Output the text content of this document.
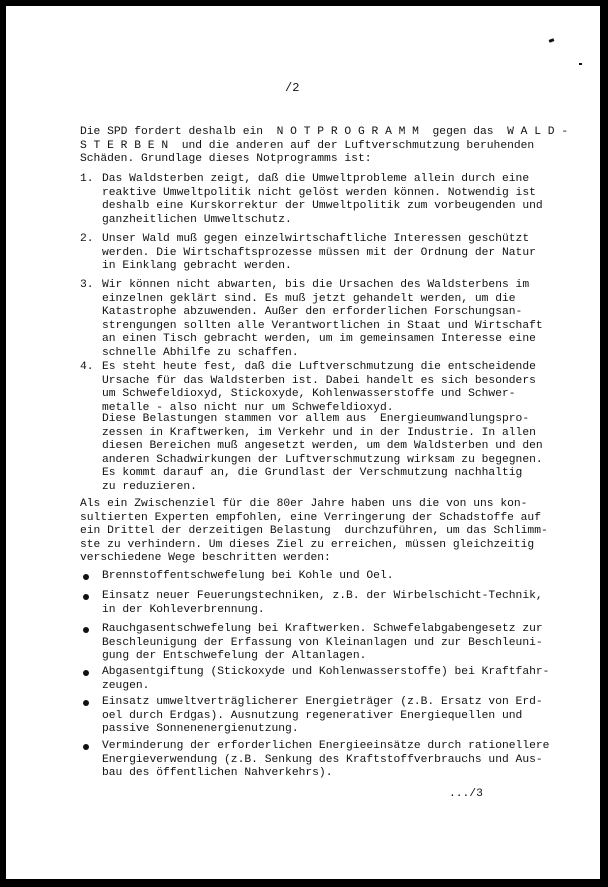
/2
Die SPD fordert deshalb ein  N O T P R O G R A M M  gegen das  W A L D -
S T E R B E N  und die anderen auf der Luftverschmutzung beruhenden
Schäden. Grundlage dieses Notprogramms ist:
1. Das Waldsterben zeigt, daß die Umweltprobleme allein durch eine
reaktive Umweltpolitik nicht gelöst werden können. Notwendig ist
deshalb eine Kurskorrektur der Umweltpolitik zum vorbeugenden und
ganzheitlichen Umweltschutz.
2. Unser Wald muß gegen einzelwirtschaftliche Interessen geschützt
werden. Die Wirtschaftsprozesse müssen mit der Ordnung der Natur
in Einklang gebracht werden.
3. Wir können nicht abwarten, bis die Ursachen des Waldsterbens im
einzelnen geklärt sind. Es muß jetzt gehandelt werden, um die
Katastrophe abzuwenden. Außer den erforderlichen Forschungsan-
strengungen sollten alle Verantwortlichen in Staat und Wirtschaft
an einen Tisch gebracht werden, um im gemeinsamen Interesse eine
schnelle Abhilfe zu schaffen.
4. Es steht heute fest, daß die Luftverschmutzung die entscheidende
Ursache für das Waldsterben ist. Dabei handelt es sich besonders
um Schwefeldioxyd, Stickoxyde, Kohlenwasserstoffe und Schwer-
metalle - also nicht nur um Schwefeldioxyd.
Diese Belastungen stammen vor allem aus  Energieumwandlungspro-
zessen in Kraftwerken, im Verkehr und in der Industrie. In allen
diesen Bereichen muß angesetzt werden, um dem Waldsterben und den
anderen Schadwirkungen der Luftverschmutzung wirksam zu begegnen.
Es kommt darauf an, die Grundlast der Verschmutzung nachhaltig
zu reduzieren.
Als ein Zwischenziel für die 80er Jahre haben uns die von uns kon-
sultierten Experten empfohlen, eine Verringerung der Schadstoffe auf
ein Drittel der derzeitigen Belastung  durchzuführen, um das Schlimm-
ste zu verhindern. Um dieses Ziel zu erreichen, müssen gleichzeitig
verschiedene Wege beschritten werden:
Brennstoffentschwefelung bei Kohle und Oel.
Einsatz neuer Feuerungstechniken, z.B. der Wirbelschicht-Technik,
in der Kohleverbrennung.
Rauchgasentschwefelung bei Kraftwerken. Schwefelabgabengesetz zur
Beschleunigung der Erfassung von Kleinanlagen und zur Beschleuni-
gung der Entschwefelung der Altanlagen.
Abgasentgiftung (Stickoxyde und Kohlenwasserstoffe) bei Kraftfahr-
zeugen.
Einsatz umweltverträglicherer Energieträger (z.B. Ersatz von Erd-
oel durch Erdgas). Ausnutzung regenerativer Energiequellen und
passive Sonnenenergienutzung.
Verminderung der erforderlichen Energieeinsätze durch rationellere
Energieverwendung (z.B. Senkung des Kraftstoffverbrauchs und Aus-
bau des öffentlichen Nahverkehrs).
.../3
